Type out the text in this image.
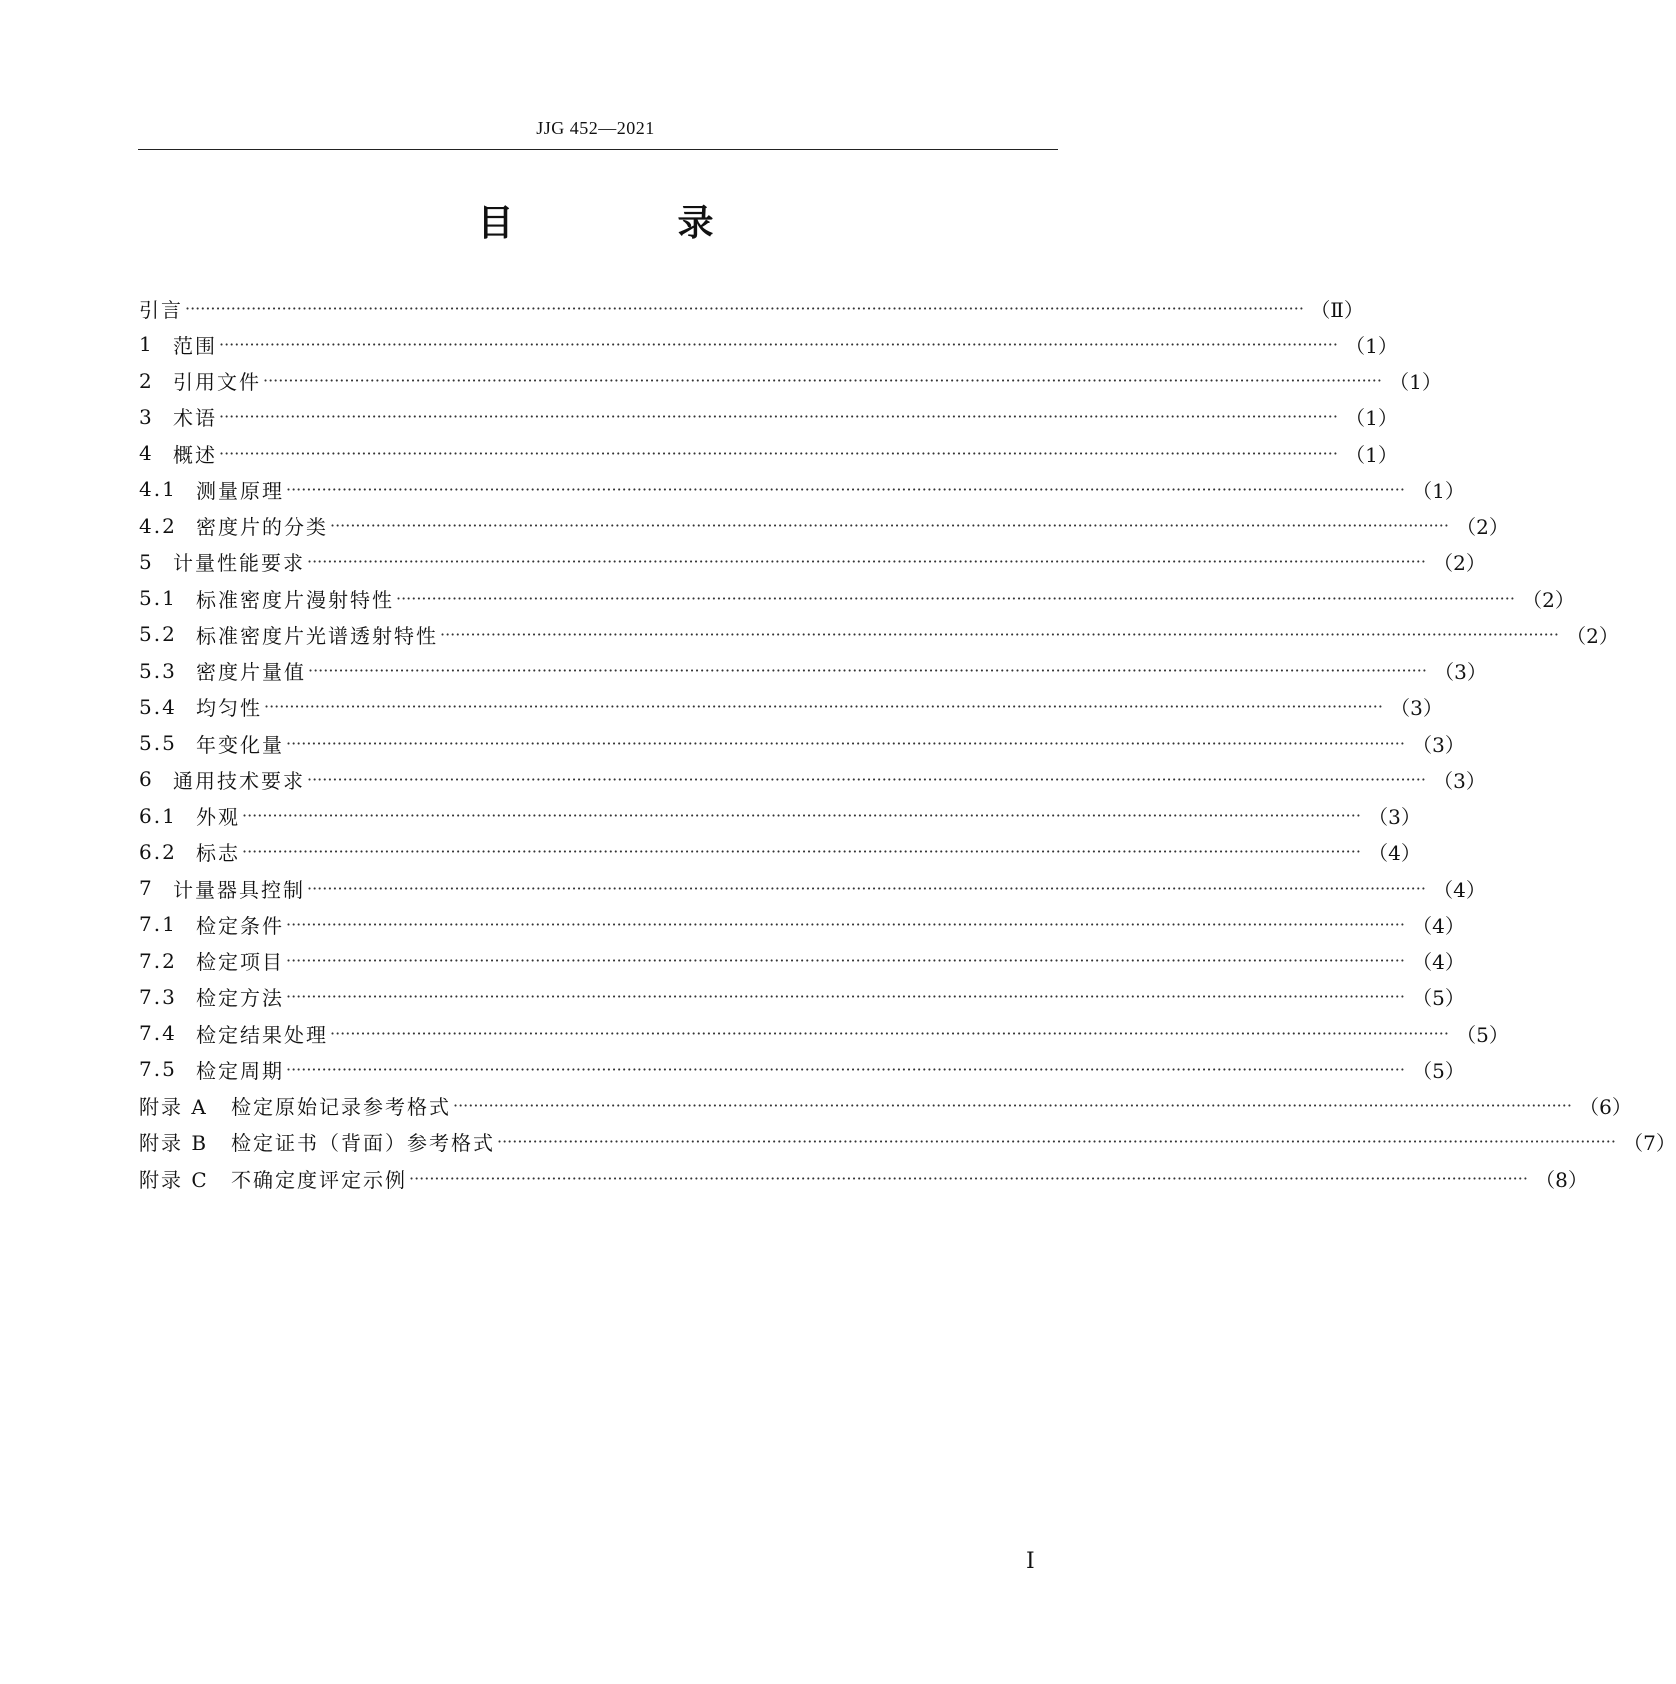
JJG 452—2021
目　录
引言 ···························································································································································································································· （Ⅱ）
1 范围 ···························································································································································································································· （1）
2 引用文件 ···························································································································································································································· （1）
3 术语 ···························································································································································································································· （1）
4 概述 ···························································································································································································································· （1）
4.1 测量原理 ···························································································································································································································· （1）
4.2 密度片的分类 ···························································································································································································································· （2）
5 计量性能要求 ···························································································································································································································· （2）
5.1 标准密度片漫射特性 ···························································································································································································································· （2）
5.2 标准密度片光谱透射特性 ···························································································································································································································· （2）
5.3 密度片量值 ···························································································································································································································· （3）
5.4 均匀性 ···························································································································································································································· （3）
5.5 年变化量 ···························································································································································································································· （3）
6 通用技术要求 ···························································································································································································································· （3）
6.1 外观 ···························································································································································································································· （3）
6.2 标志 ···························································································································································································································· （4）
7 计量器具控制 ···························································································································································································································· （4）
7.1 检定条件 ···························································································································································································································· （4）
7.2 检定项目 ···························································································································································································································· （4）
7.3 检定方法 ···························································································································································································································· （5）
7.4 检定结果处理 ···························································································································································································································· （5）
7.5 检定周期 ···························································································································································································································· （5）
附录 A	检定原始记录参考格式 ···························································································································································································································· （6）
附录 B	检定证书（背面）参考格式 ···························································································································································································································· （7）
附录 C	不确定度评定示例 ···························································································································································································································· （8）
Ⅰ
